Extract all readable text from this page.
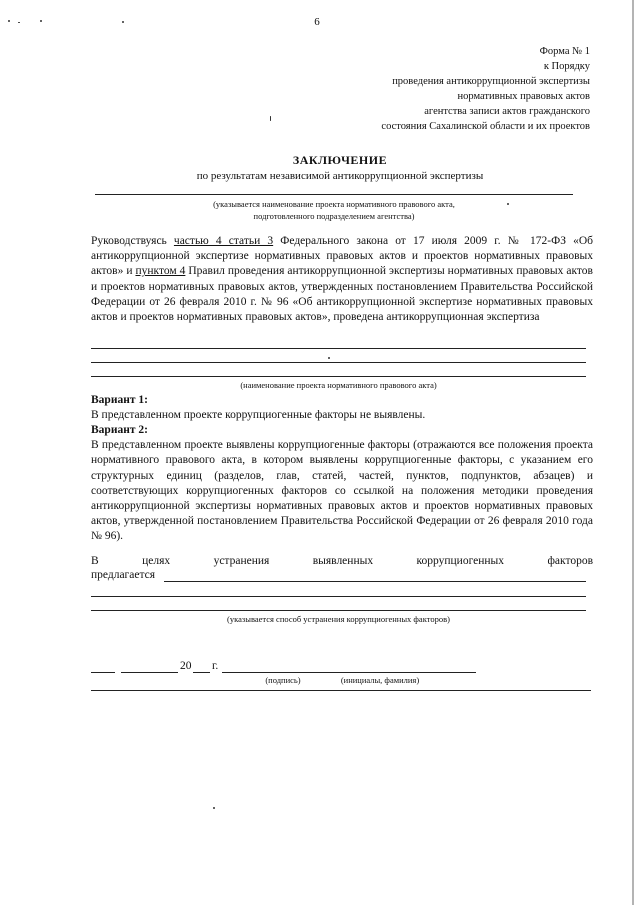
6
Форма № 1
к Порядку
проведения антикоррупционной экспертизы
нормативных правовых актов
агентства записи актов гражданского
состояния Сахалинской области и их проектов
ЗАКЛЮЧЕНИЕ
по результатам независимой антикоррупционной экспертизы
(указывается наименование проекта нормативного правового акта,
подготовленного подразделением агентства)
Руководствуясь частью 4 статьи 3 Федерального закона от 17 июля 2009 г. № 172-ФЗ «Об антикоррупционной экспертизе нормативных правовых актов и проектов нормативных правовых актов» и пунктом 4 Правил проведения антикоррупционной экспертизы нормативных правовых актов и проектов нормативных правовых актов, утвержденных постановлением Правительства Российской Федерации от 26 февраля 2010 г. № 96 «Об антикоррупционной экспертизе нормативных правовых актов и проектов нормативных правовых актов», проведена антикоррупционная экспертиза
(наименование проекта нормативного правового акта)
Вариант 1:
В представленном проекте коррупциогенные факторы не выявлены.
Вариант 2:
В представленном проекте выявлены коррупциогенные факторы (отражаются все положения проекта нормативного правового акта, в котором выявлены коррупциогенные факторы, с указанием его структурных единиц (разделов, глав, статей, частей, пунктов, подпунктов, абзацев) и соответствующих коррупциогенных факторов со ссылкой на положения методики проведения антикоррупционной экспертизы нормативных правовых актов и проектов нормативных правовых актов, утвержденной постановлением Правительства Российской Федерации от 26 февраля 2010 года № 96).
В целях устранения выявленных коррупциогенных факторов
предлагается
(указывается способ устранения коррупциогенных факторов)
20 г.
(подпись)	(инициалы, фамилия)
